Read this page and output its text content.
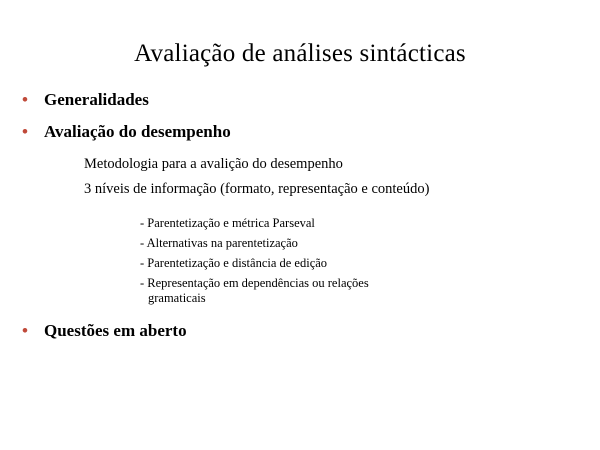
Avaliação de análises sintácticas
• Generalidades
• Avaliação do desempenho
Metodologia para a avalição do desempenho
3 níveis de informação (formato, representação e conteúdo)
- Parentetização e métrica Parseval
- Alternativas na parentetização
- Parentetização e distância de edição
- Representação em dependências ou relações
gramaticais
• Questões em aberto
